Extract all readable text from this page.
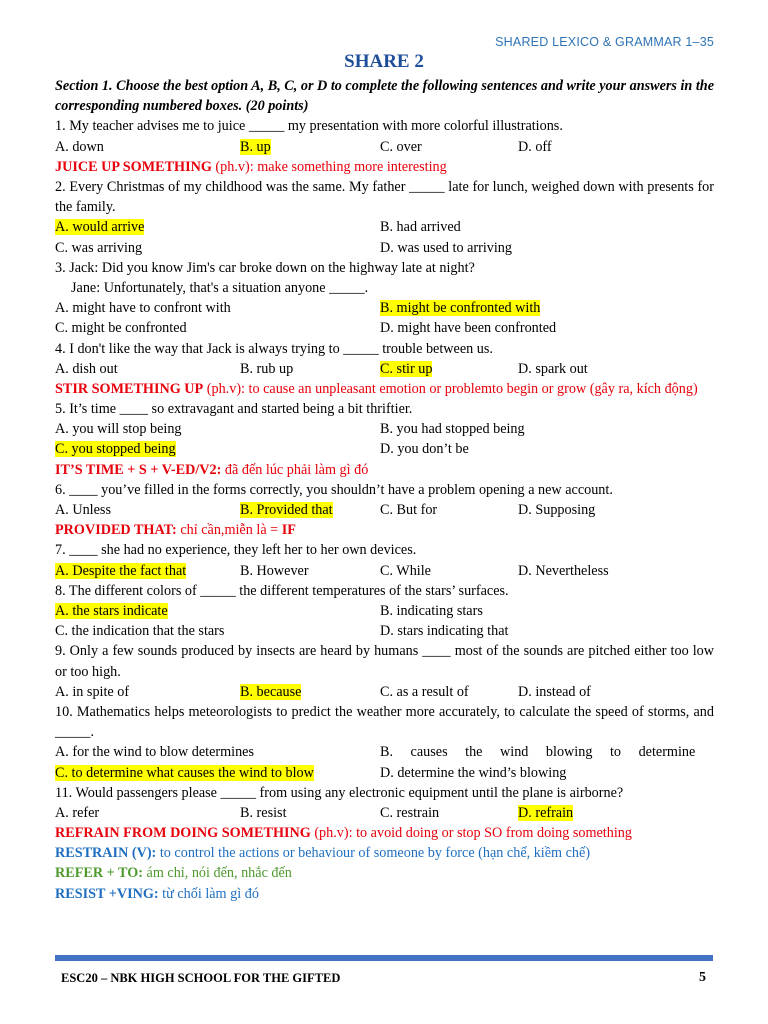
SHARED LEXICO & GRAMMAR 1–35
SHARE 2
Section 1. Choose the best option A, B, C, or D to complete the following sentences and write your answers in the corresponding numbered boxes. (20 points)
1. My teacher advises me to juice _____ my presentation with more colorful illustrations.
A. down	B. up	C. over	D. off
JUICE UP SOMETHING (ph.v): make something more interesting
2. Every Christmas of my childhood was the same. My father _____ late for lunch, weighed down with presents for the family.
A. would arrive	B. had arrived
C. was arriving	D. was used to arriving
3. Jack: Did you know Jim's car broke down on the highway late at night?
Jane: Unfortunately, that's a situation anyone _____.
A. might have to confront with	B. might be confronted with
C. might be confronted	D. might have been confronted
4. I don't like the way that Jack is always trying to _____ trouble between us.
A. dish out	B. rub up	C. stir up	D. spark out
STIR SOMETHING UP (ph.v): to cause an unpleasant emotion or problemto begin or grow (gây ra, kích động)
5. It’s time ____ so extravagant and started being a bit thriftier.
A. you will stop being	B. you had stopped being
C. you stopped being	D. you don’t be
IT’S TIME + S + V-ED/V2: đã đến lúc phải làm gì đó
6. ____ you’ve filled in the forms correctly, you shouldn’t have a problem opening a new account.
A. Unless	B. Provided that	C. But for	D. Supposing
PROVIDED THAT: chỉ cần,miễn là = IF
7. ____ she had no experience, they left her to her own devices.
A. Despite the fact that	B. However	C. While	D. Nevertheless
8. The different colors of _____ the different temperatures of the stars’ surfaces.
A. the stars indicate	B. indicating stars
C. the indication that the stars	D. stars indicating that
9. Only a few sounds produced by insects are heard by humans ____ most of the sounds are pitched either too low or too high.
A. in spite of	B. because	C. as a result of	D. instead of
10. Mathematics helps meteorologists to predict the weather more accurately, to calculate the speed of storms, and _____.
A. for the wind to blow determines	B. causes the wind blowing to determine
C. to determine what causes the wind to blow	D. determine the wind’s blowing
11. Would passengers please _____ from using any electronic equipment until the plane is airborne?
A. refer	B. resist	C. restrain	D. refrain
REFRAIN FROM DOING SOMETHING (ph.v): to avoid doing or stop SO from doing something
RESTRAIN (V): to control the actions or behaviour of someone by force (hạn chế, kiềm chế)
REFER + TO: ám chỉ, nói đến, nhắc đến
RESIST +VING: từ chối làm gì đó
ESC20 – NBK HIGH SCHOOL FOR THE GIFTED	5
